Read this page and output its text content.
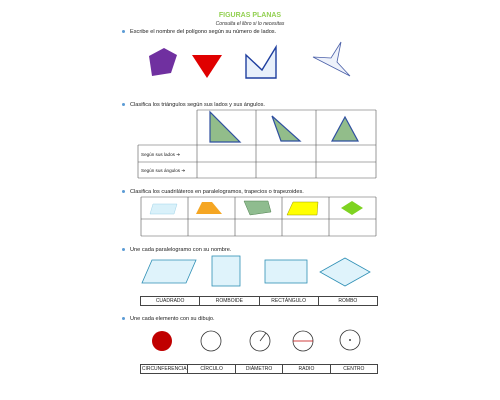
FIGURAS PLANAS
Consulta el libro si lo necesitas
Escribe el nombre del polígono según su número de lados.
Clasifica los triángulos según sus lados y sus ángulos.
Según sus lados ➔
Según sus ángulos ➔
Clasifica los cuadriláteros en paralelogramos, trapecios o trapezoides.
Une cada paralelogramo con su nombre.
CUADRADO	ROMBOIDE	RECTÁNGULO	ROMBO
Une cada elemento con su dibujo.
CIRCUNFERENCIA	CÍRCULO	DIÁMETRO	RADIO	CENTRO
